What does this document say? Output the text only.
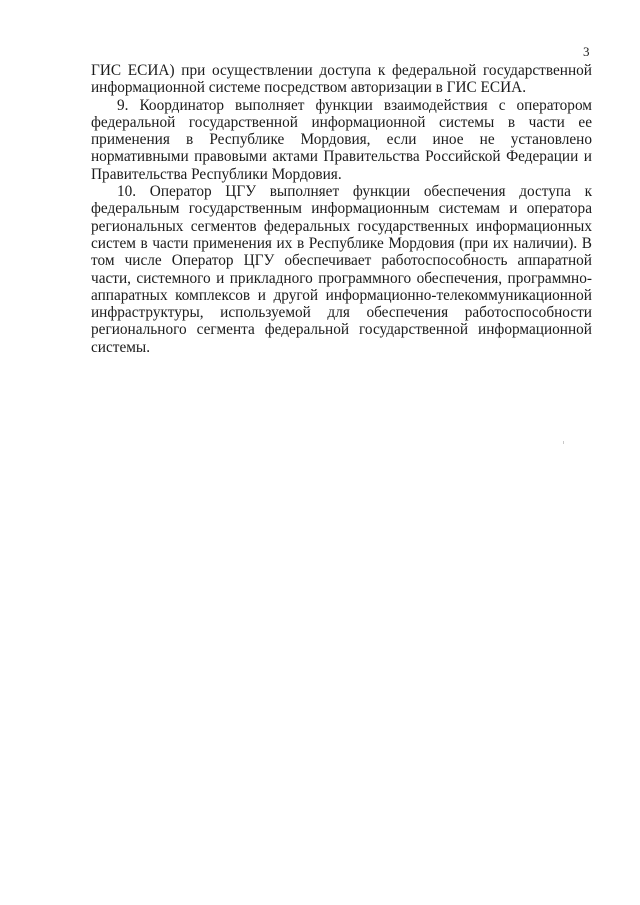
3

ГИС ЕСИА) при осуществлении доступа к федеральной государственной информационной системе посредством авторизации в ГИС ЕСИА.

9. Координатор выполняет функции взаимодействия с оператором федеральной государственной информационной системы в части ее применения в Республике Мордовия, если иное не установлено нормативными правовыми актами Правительства Российской Федерации и Правительства Республики Мордовия.

10. Оператор ЦГУ выполняет функции обеспечения доступа к федеральным государственным информационным системам и оператора региональных сегментов федеральных государственных информационных систем в части применения их в Республике Мордовия (при их наличии). В том числе Оператор ЦГУ обеспечивает работоспособность аппаратной части, системного и прикладного программного обеспечения, программно-аппаратных комплексов и другой информационно-телекоммуникационной инфраструктуры, используемой для обеспечения работоспособности регионального сегмента федеральной государственной информационной системы.
